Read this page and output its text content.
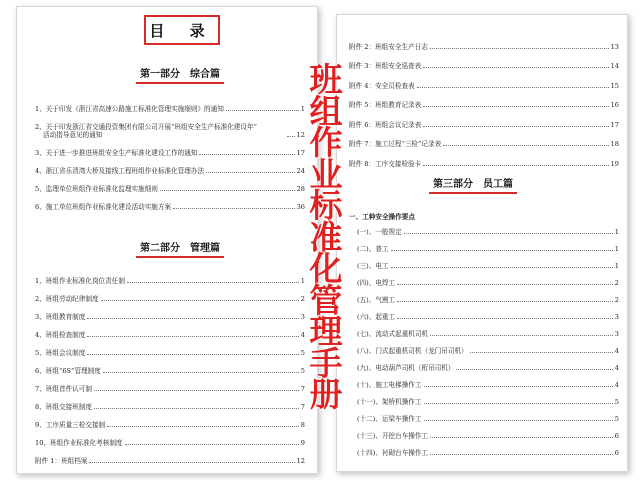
目 录
第一部分　综合篇
1、关于印发《浙江省高速公路施工标准化管理实施细则》的通知	1
2、关于印发浙江省交通投资集团有限公司开展“班组安全生产标准化建设年”
活动指导意见的通知	12
3、关于进一步推进班组安全生产标准化建设工作的通知	17
4、浙江省乐清湾大桥及接线工程班组作业标准化管理办法	24
5、监理单位班组作业标准化监理实施细则	28
6、施工单位班组作业标准化建设活动实施方案	36
第二部分　管理篇
1、班组作业标准化岗位责任制	1
2、班组劳动纪律制度	2
3、班组教育制度	3
4、班组检查制度	4
5、班组会议制度	5
6、班组“6S”管理制度	5
7、班组首件认可制	7
8、班组交接班制度	7
9、工序质量三检交接制	8
10、班组作业标准化考核制度	9
附件 1：班组档案	12
附件 2：班组安全生产日志	13
附件 3：班组安全巡查表	14
附件 4：安全员检查表	15
附件 5：班组教育记录表	16
附件 6：班组会议记录表	17
附件 7：施工过程“三检”记录表	18
附件 8：工序交接检验卡	19
第三部分　员工篇
一、工种安全操作要点
(一)、一般规定	1
(二)、普工	1
(三)、电工	1
(四)、电焊工	2
(五)、气割工	2
(六)、起重工	3
(七)、流动式起重机司机	3
(八)、门式起重机司机（龙门吊司机）	4
(九)、电动葫芦司机（桁吊司机）	4
(十)、施工电梯操作工	4
(十一)、架桥机操作工	5
(十二)、运梁车操作工	5
(十三)、开挖台车操作工	6
(十四)、衬砌台车操作工	6
班
组
作
业
标
准
化
管
理
手
册
